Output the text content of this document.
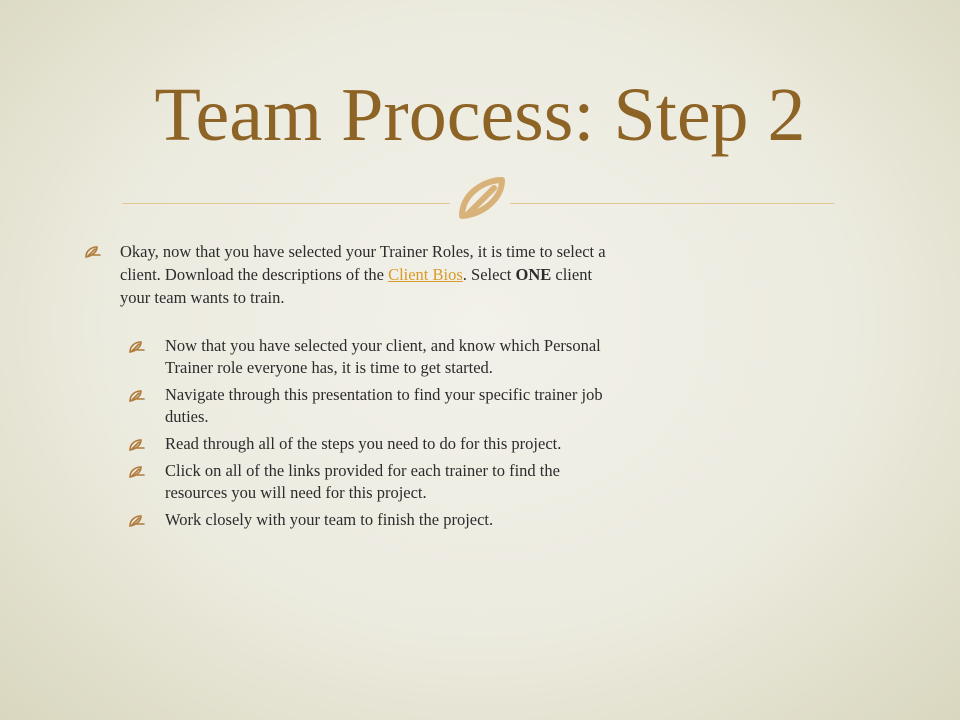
Team Process: Step 2
Okay, now that you have selected your Trainer Roles, it is time to select a client. Download the descriptions of the Client Bios. Select ONE client your team wants to train.
Now that you have selected your client, and know which Personal Trainer role everyone has, it is time to get started.
Navigate through this presentation to find your specific trainer job duties.
Read through all of the steps you need to do for this project.
Click on all of the links provided for each trainer to find the resources you will need for this project.
Work closely with your team to finish the project.
